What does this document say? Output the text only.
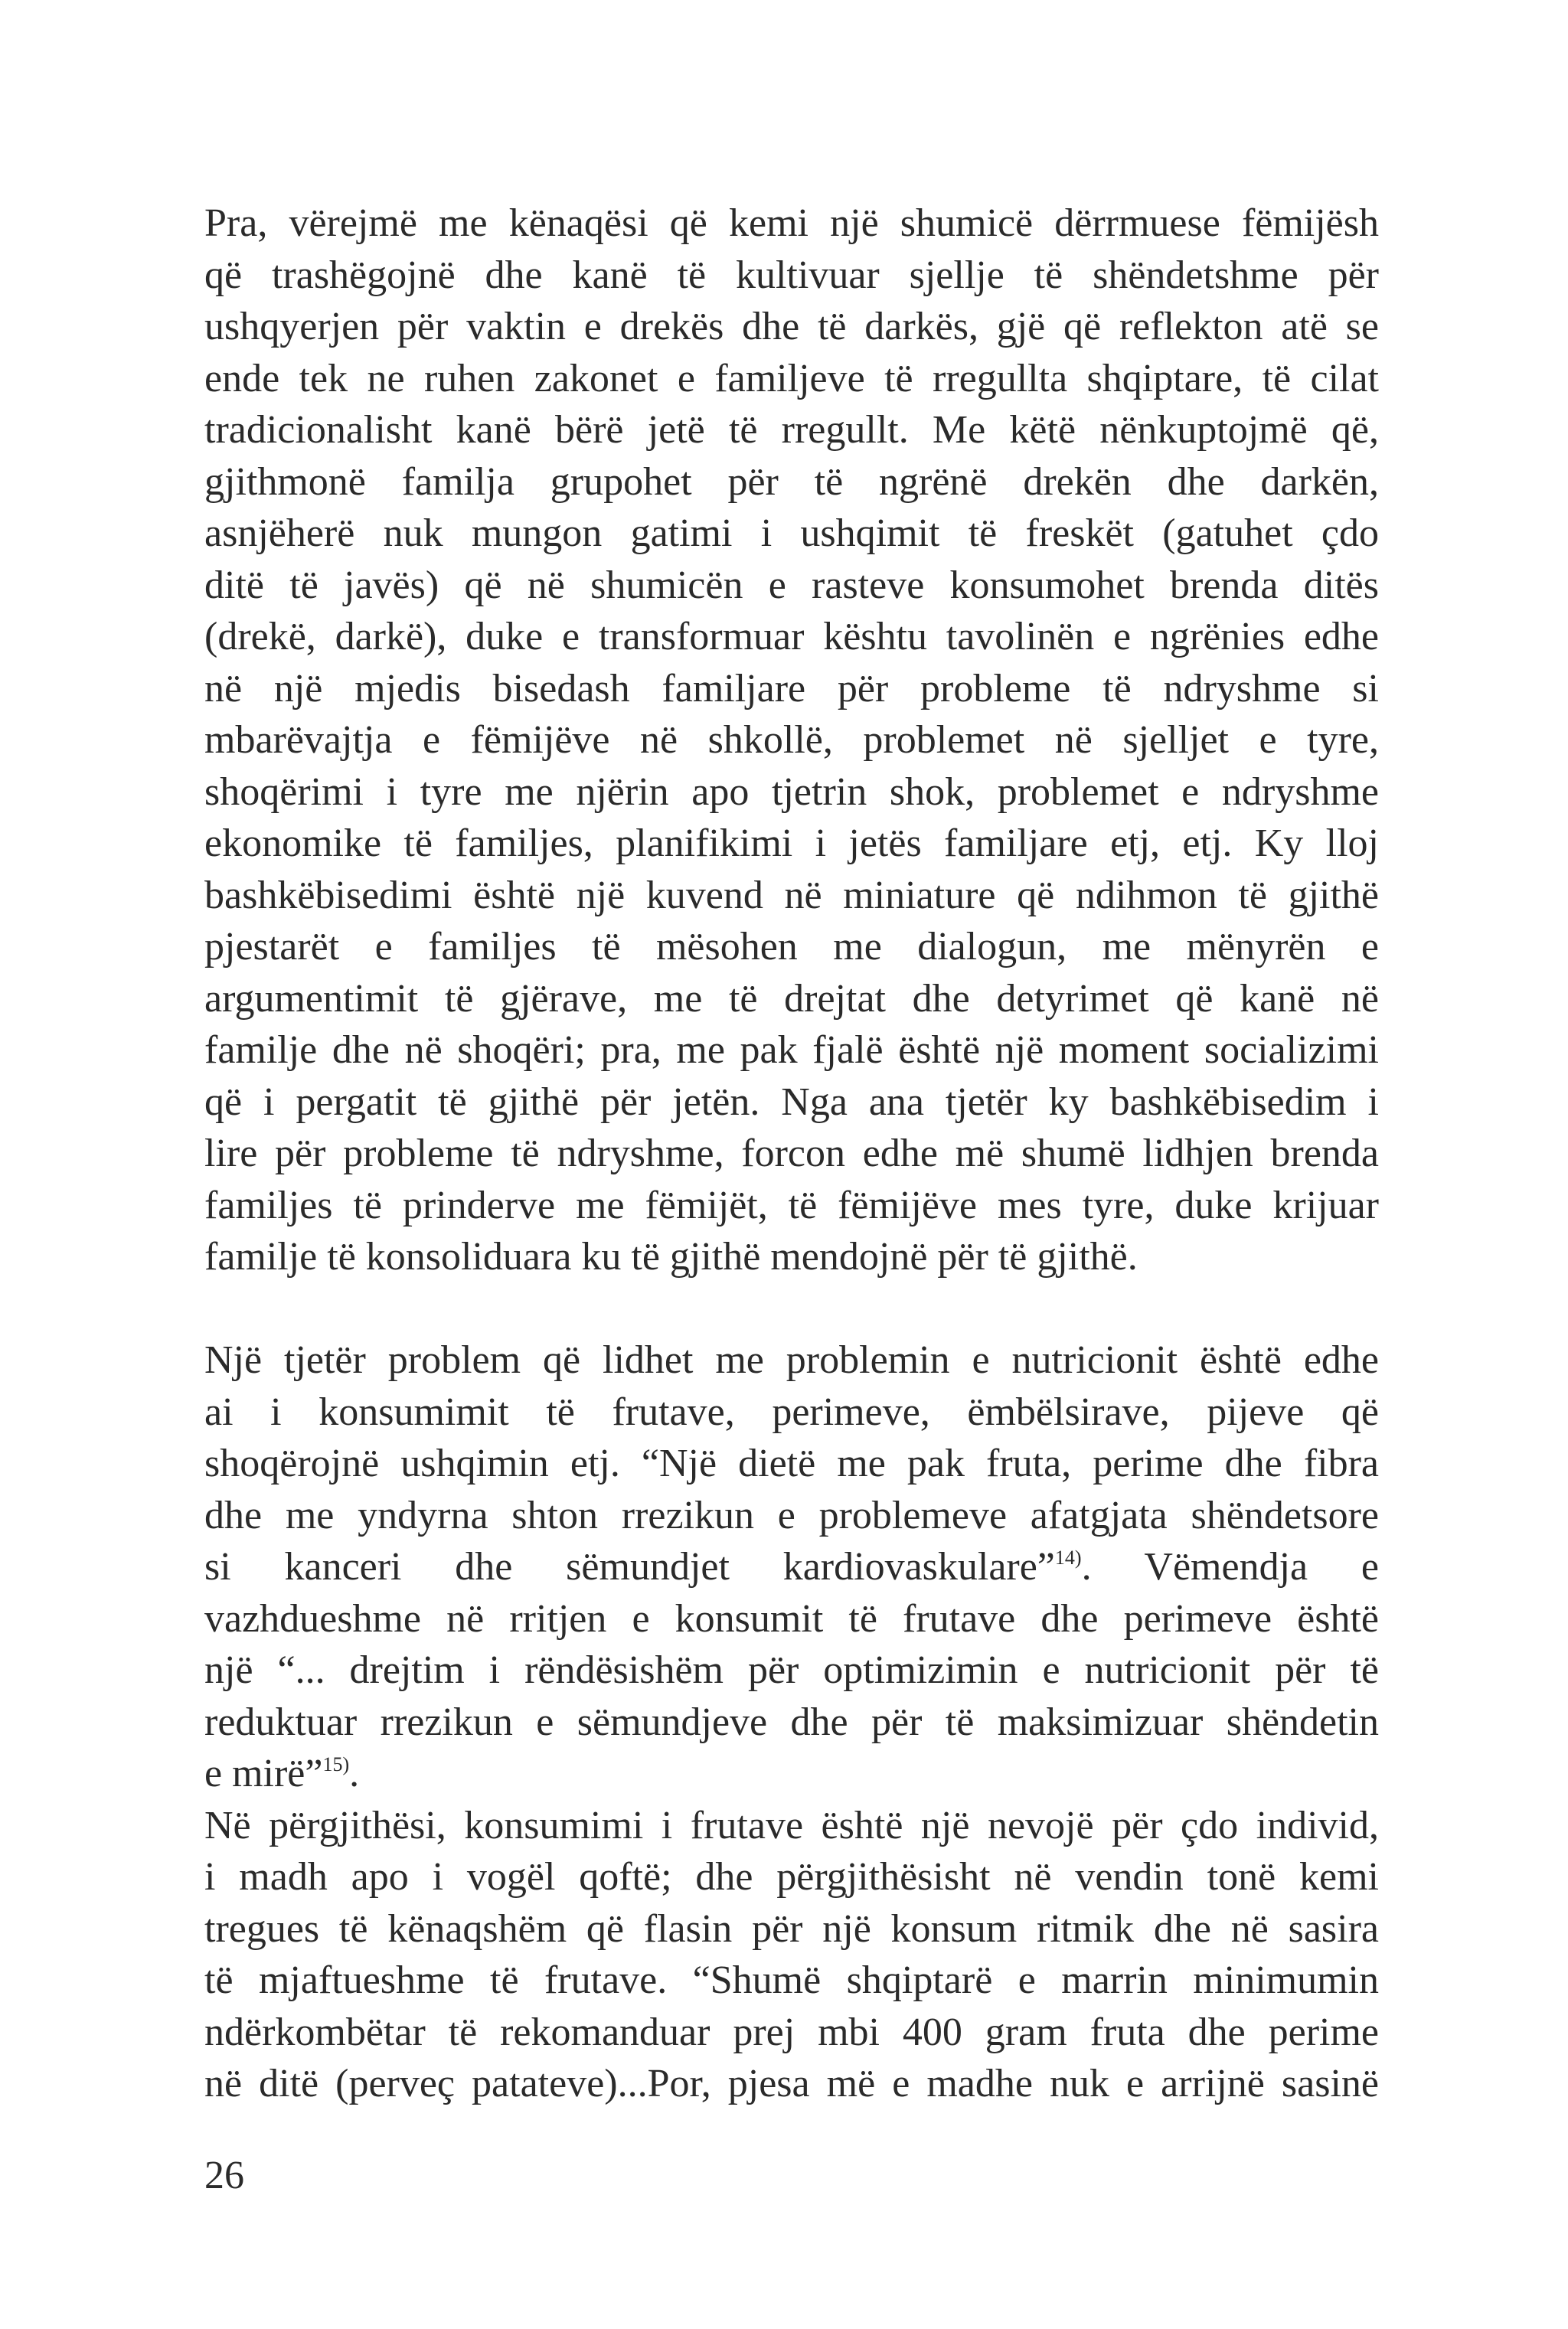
Pra, vërejmë me kënaqësi që kemi një shumicë dërrmuese fëmijësh
që trashëgojnë dhe kanë të kultivuar sjellje të shëndetshme për
ushqyerjen për vaktin e drekës dhe të darkës, gjë që reflekton atë se
ende tek ne ruhen zakonet e familjeve të rregullta shqiptare, të cilat
tradicionalisht kanë bërë jetë të rregullt. Me këtë nënkuptojmë që,
gjithmonë familja grupohet për të ngrënë drekën dhe darkën,
asnjëherë nuk mungon gatimi i ushqimit të freskët (gatuhet çdo
ditë të javës) që në shumicën e rasteve konsumohet brenda ditës
(drekë, darkë), duke e transformuar kështu tavolinën e ngrënies edhe
në një mjedis bisedash familjare për probleme të ndryshme si
mbarëvajtja e fëmijëve në shkollë, problemet në sjelljet e tyre,
shoqërimi i tyre me njërin apo tjetrin shok, problemet e ndryshme
ekonomike të familjes, planifikimi i jetës familjare etj, etj. Ky lloj
bashkëbisedimi është një kuvend në miniature që ndihmon të gjithë
pjestarët e familjes të mësohen me dialogun, me mënyrën e
argumentimit të gjërave, me të drejtat dhe detyrimet që kanë në
familje dhe në shoqëri; pra, me pak fjalë është një moment socializimi
që i pergatit të gjithë për jetën. Nga ana tjetër ky bashkëbisedim i
lire për probleme të ndryshme, forcon edhe më shumë lidhjen brenda
familjes të prinderve me fëmijët, të fëmijëve mes tyre, duke krijuar
familje të konsoliduara ku të gjithë mendojnë për të gjithë.
Një tjetër problem që lidhet me problemin e nutricionit është edhe
ai i konsumimit të frutave, perimeve, ëmbëlsirave, pijeve që
shoqërojnë ushqimin etj. “Një dietë me pak fruta, perime dhe fibra
dhe me yndyrna shton rrezikun e problemeve afatgjata shëndetsore
si kanceri dhe sëmundjet kardiovaskulare”$^{14)}$. Vëmendja e
vazhdueshme në rritjen e konsumit të frutave dhe perimeve është
një “... drejtim i rëndësishëm për optimizimin e nutricionit për të
reduktuar rrezikun e sëmundjeve dhe për të maksimizuar shëndetin
e mirë”$^{15)}$.
Në përgjithësi, konsumimi i frutave është një nevojë për çdo individ,
i madh apo i vogël qoftë; dhe përgjithësisht në vendin tonë kemi
tregues të kënaqshëm që flasin për një konsum ritmik dhe në sasira
të mjaftueshme të frutave. “Shumë shqiptarë e marrin minimumin
ndërkombëtar të rekomanduar prej mbi 400 gram fruta dhe perime
në ditë (perveç patateve)...Por, pjesa më e madhe nuk e arrijnë sasinë
26
